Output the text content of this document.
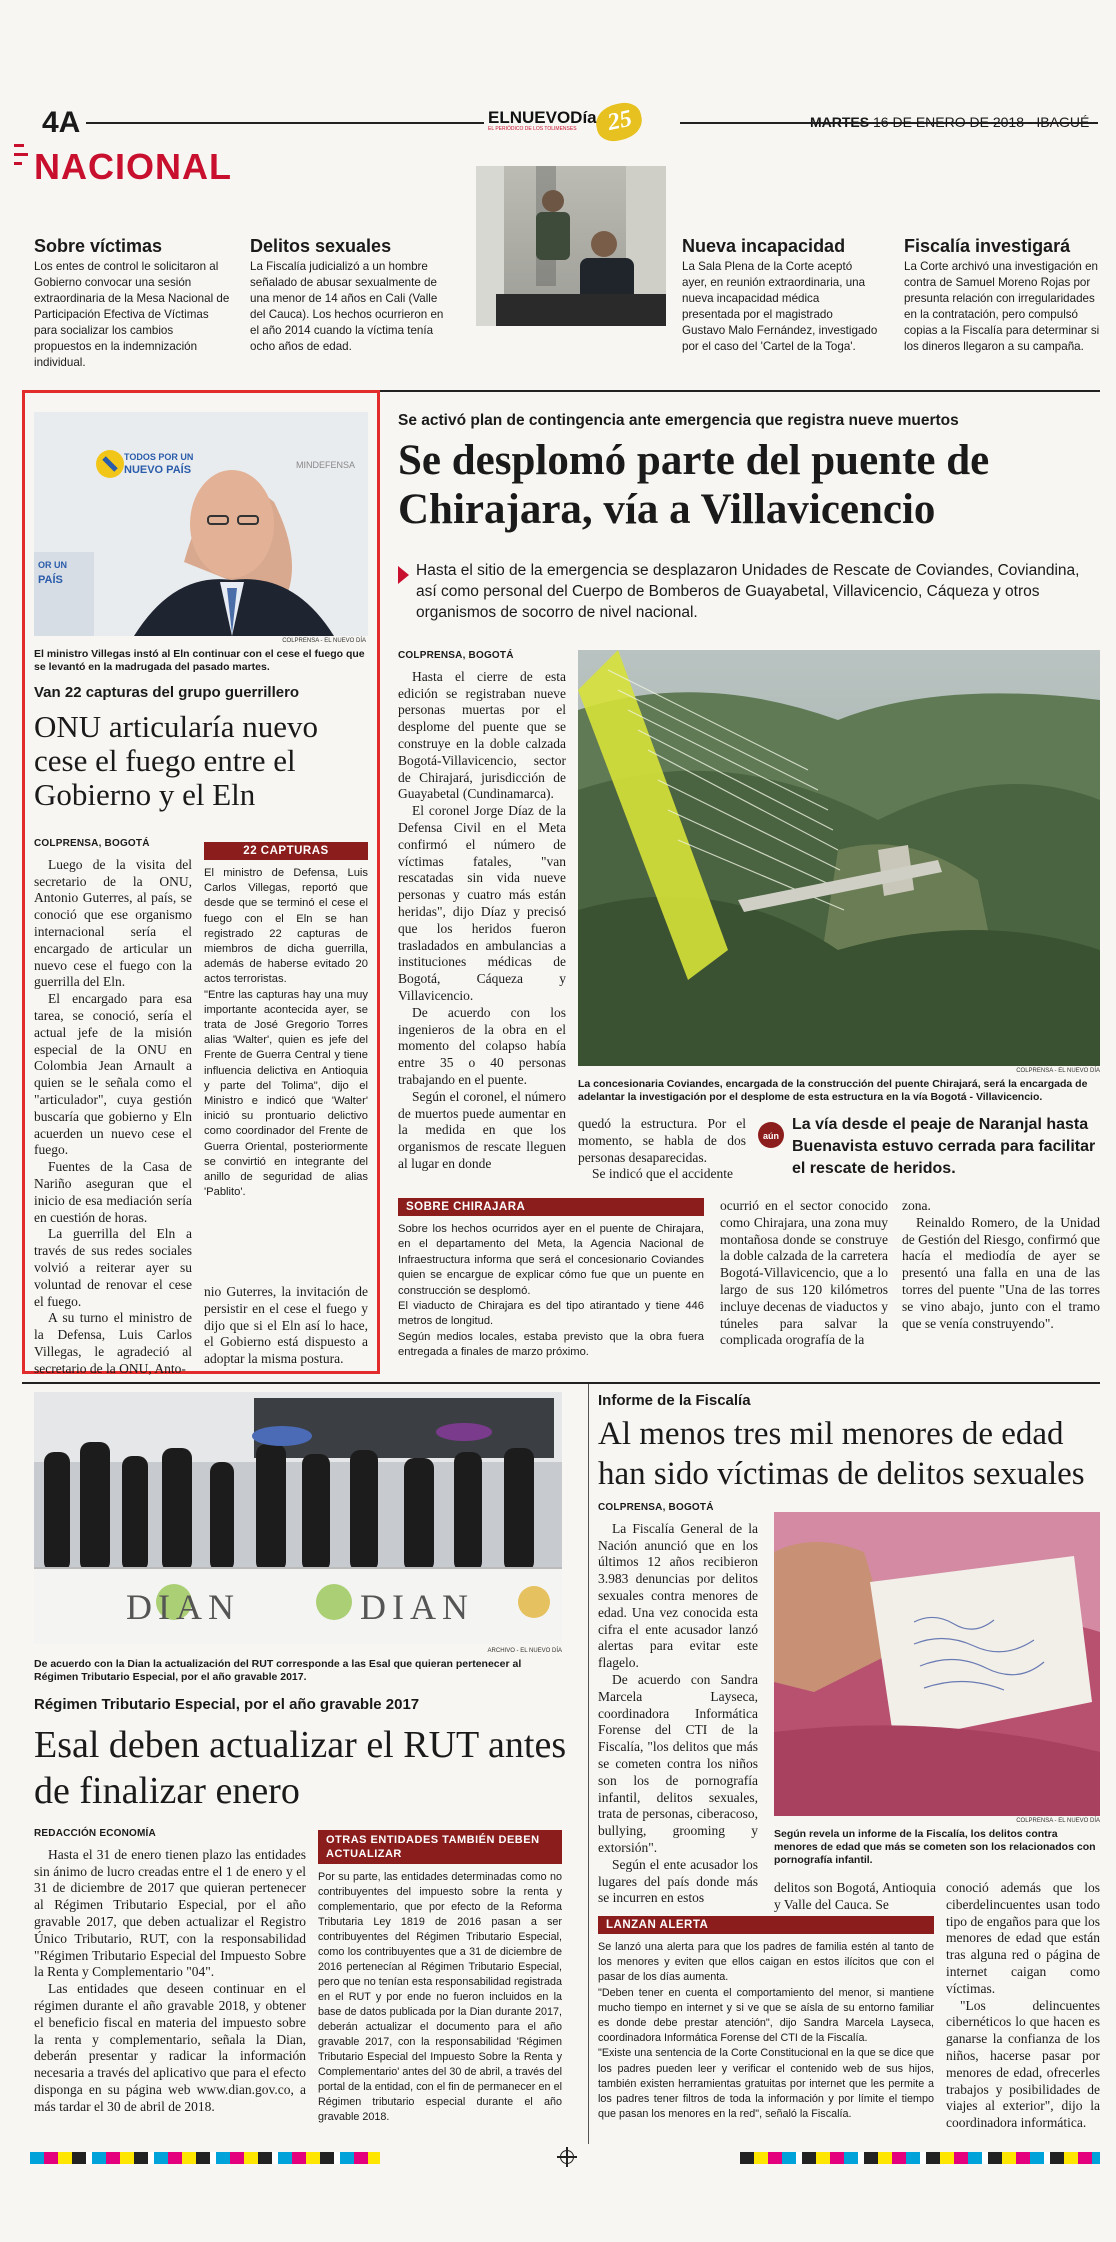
4A	ELNUEVODía
EL PERIÓDICO DE LOS TOLIMENSES	25	MARTES 16 DE ENERO DE 2018 - IBAGUÉ
NACIONAL
Sobre víctimas
Los entes de control le solicitaron al Gobierno convocar una sesión extraordinaria de la Mesa Nacional de Participación Efectiva de Víctimas para socializar los cambios propuestos en la indemnización individual.
Delitos sexuales
La Fiscalía judicializó a un hombre señalado de abusar sexualmente de una menor de 14 años en Cali (Valle del Cauca). Los hechos ocurrieron en el año 2014 cuando la víctima tenía ocho años de edad.
Nueva incapacidad
La Sala Plena de la Corte aceptó ayer, en reunión extraordinaria, una nueva incapacidad médica presentada por el magistrado Gustavo Malo Fernández, investigado por el caso del 'Cartel de la Toga'.
Fiscalía investigará
La Corte archivó una investigación en contra de Samuel Moreno Rojas por presunta relación con irregularidades en la contratación, pero compulsó copias a la Fiscalía para determinar si los dineros llegaron a su campaña.
TODOS POR UN
NUEVO PAÍS	MINDEFENSA
OR UN
PAÍS
COLPRENSA - EL NUEVO DÍA
El ministro Villegas instó al Eln continuar con el cese el fuego que se levantó en la madrugada del pasado martes.
Van 22 capturas del grupo guerrillero
ONU articularía nuevo cese el fuego entre el Gobierno y el Eln
COLPRENSA, BOGOTÁ

Luego de la visita del secretario de la ONU, Antonio Guterres, al país, se conoció que ese organismo internacional sería el encargado de articular un nuevo cese el fuego con la guerrilla del Eln.

El encargado para esa tarea, se conoció, sería el actual jefe de la misión especial de la ONU en Colombia Jean Arnault a quien se le señala como el "articulador", cuya gestión buscaría que gobierno y Eln acuerden un nuevo cese el fuego.

Fuentes de la Casa de Nariño aseguran que el inicio de esa mediación sería en cuestión de horas.

La guerrilla del Eln a través de sus redes sociales volvió a reiterar ayer su voluntad de renovar el cese el fuego.

A su turno el ministro de la Defensa, Luis Carlos Villegas, le agradeció al secretario de la ONU, Anto-

22 CAPTURAS

El ministro de Defensa, Luis Carlos Villegas, reportó que desde que se terminó el cese el fuego con el Eln se han registrado 22 capturas de miembros de dicha guerrilla, además de haberse evitado 20 actos terroristas.

"Entre las capturas hay una muy importante acontecida ayer, se trata de José Gregorio Torres alias 'Walter', quien es jefe del Frente de Guerra Central y tiene influencia delictiva en Antioquia y parte del Tolima", dijo el Ministro e indicó que 'Walter' inició su prontuario delictivo como coordinador del Frente de Guerra Oriental, posteriormente se convirtió en integrante del anillo de seguridad de alias 'Pablito'.

nio Guterres, la invitación de persistir en el cese el fuego y dijo que si el Eln así lo hace, el Gobierno está dispuesto a adoptar la misma postura.

Se activó plan de contingencia ante emergencia que registra nueve muertos
Se desplomó parte del puente de Chirajara, vía a Villavicencio
Hasta el sitio de la emergencia se desplazaron Unidades de Rescate de Coviandes, Coviandina, así como personal del Cuerpo de Bomberos de Guayabetal, Villavicencio, Cáqueza y otros organismos de socorro de nivel nacional.
COLPRENSA, BOGOTÁ

Hasta el cierre de esta edición se registraban nueve personas muertas por el desplome del puente que se construye en la doble calzada Bogotá-Villavicencio, sector de Chirajará, jurisdicción de Guayabetal (Cundinamarca).

El coronel Jorge Díaz de la Defensa Civil en el Meta confirmó el número de víctimas fatales, "van rescatadas sin vida nueve personas y cuatro más están heridas", dijo Díaz y precisó que los heridos fueron trasladados en ambulancias a instituciones médicas de Bogotá, Cáqueza y Villavicencio.

De acuerdo con los ingenieros de la obra en el momento del colapso había entre 35 o 40 personas trabajando en el puente.

Según el coronel, el número de muertos puede aumentar en la medida en que los organismos de rescate lleguen al lugar en donde

COLPRENSA - EL NUEVO DÍA
La concesionaria Coviandes, encargada de la construcción del puente Chirajará, será la encargada de adelantar la investigación por el desplome de esta estructura en la vía Bogotá - Villavicencio.

quedó la estructura. Por el momento, se habla de dos personas desaparecidas.

Se indicó que el accidente

aún
La vía desde el peaje de Naranjal hasta Buenavista estuvo cerrada para facilitar el rescate de heridos.
SOBRE CHIRAJARA

Sobre los hechos ocurridos ayer en el puente de Chirajara, en el departamento del Meta, la Agencia Nacional de Infraestructura informa que será el concesionario Coviandes quien se encargue de explicar cómo fue que un puente en construcción se desplomó.

El viaducto de Chirajara es del tipo atirantado y tiene 446 metros de longitud.

Según medios locales, estaba previsto que la obra fuera entregada a finales de marzo próximo.

ocurrió en el sector conocido como Chirajara, una zona muy montañosa donde se construye la doble calzada de la carretera Bogotá-Villavicencio, que a lo largo de sus 120 kilómetros incluye decenas de viaductos y túneles para salvar la complicada orografía de la

zona.

Reinaldo Romero, de la Unidad de Gestión del Riesgo, confirmó que hacía el mediodía de ayer se presentó una falla en una de las torres del puente "Una de las torres se vino abajo, junto con el tramo que se venía construyendo".

DIAN	DIAN
ARCHIVO - EL NUEVO DÍA
De acuerdo con la Dian la actualización del RUT corresponde a las Esal que quieran pertenecer al Régimen Tributario Especial, por el año gravable 2017.
Régimen Tributario Especial, por el año gravable 2017
Esal deben actualizar el RUT antes de finalizar enero
REDACCIÓN ECONOMÍA

Hasta el 31 de enero tienen plazo las entidades sin ánimo de lucro creadas entre el 1 de enero y el 31 de diciembre de 2017 que quieran pertenecer al Régimen Tributario Especial, por el año gravable 2017, que deben actualizar el Registro Único Tributario, RUT, con la responsabilidad "Régimen Tributario Especial del Impuesto Sobre la Renta y Complementario "04".

Las entidades que deseen continuar en el régimen durante el año gravable 2018, y obtener el beneficio fiscal en materia del impuesto sobre la renta y complementario, señala la Dian, deberán presentar y radicar la información necesaria a través del aplicativo que para el efecto disponga en su página web www.dian.gov.co, a más tardar el 30 de abril de 2018.

OTRAS ENTIDADES TAMBIÉN DEBEN ACTUALIZAR

Por su parte, las entidades determinadas como no contribuyentes del impuesto sobre la renta y complementario, que por efecto de la Reforma Tributaria Ley 1819 de 2016 pasan a ser contribuyentes del Régimen Tributario Especial, como los contribuyentes que a 31 de diciembre de 2016 pertenecían al Régimen Tributario Especial, pero que no tenían esta responsabilidad registrada en el RUT y por ende no fueron incluidos en la base de datos publicada por la Dian durante 2017, deberán actualizar el documento para el año gravable 2017, con la responsabilidad 'Régimen Tributario Especial del Impuesto Sobre la Renta y Complementario' antes del 30 de abril, a través del portal de la entidad, con el fin de permanecer en el Régimen tributario especial durante el año gravable 2018.

Informe de la Fiscalía
Al menos tres mil menores de edad han sido víctimas de delitos sexuales
COLPRENSA, BOGOTÁ

La Fiscalía General de la Nación anunció que en los últimos 12 años recibieron 3.983 denuncias por delitos sexuales contra menores de edad. Una vez conocida esta cifra el ente acusador lanzó alertas para evitar este flagelo.

De acuerdo con Sandra Marcela Layseca, coordinadora Informática Forense del CTI de la Fiscalía, "los delitos que más se cometen contra los niños son los de pornografía infantil, delitos sexuales, trata de personas, ciberacoso, bullying, grooming y extorsión".

Según el ente acusador los lugares del país donde más se incurren en estos

COLPRENSA - EL NUEVO DÍA
Según revela un informe de la Fiscalía, los delitos contra menores de edad que más se cometen son los relacionados con pornografía infantil.

delitos son Bogotá, Antioquia y Valle del Cauca. Se

LANZAN ALERTA

Se lanzó una alerta para que los padres de familia estén al tanto de los menores y eviten que ellos caigan en estos ilícitos que con el pasar de los días aumenta.

"Deben tener en cuenta el comportamiento del menor, si mantiene mucho tiempo en internet y si ve que se aísla de su entorno familiar es donde debe prestar atención", dijo Sandra Marcela Layseca, coordinadora Informática Forense del CTI de la Fiscalía.

"Existe una sentencia de la Corte Constitucional en la que se dice que los padres pueden leer y verificar el contenido web de sus hijos, también existen herramientas gratuitas por internet que les permite a los padres tener filtros de toda la información y por límite el tiempo que pasan los menores en la red", señaló la Fiscalía.

conoció además que los ciberdelincuentes usan todo tipo de engaños para que los menores de edad que están tras alguna red o página de internet caigan como víctimas.

"Los delincuentes cibernéticos lo que hacen es ganarse la confianza de los niños, hacerse pasar por menores de edad, ofrecerles trabajos y posibilidades de viajes al exterior", dijo la coordinadora informática.
